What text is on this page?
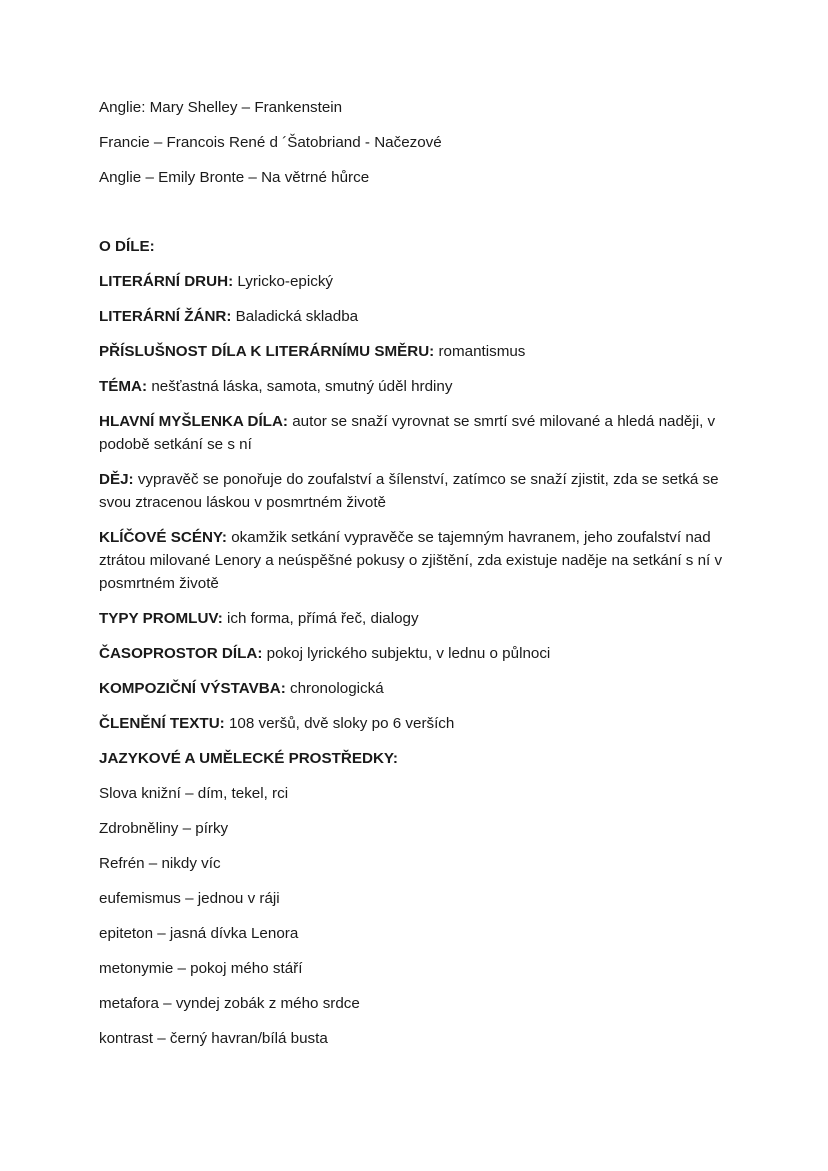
Anglie: Mary Shelley – Frankenstein

Francie – Francois René d ´Šatobriand - Načezové

Anglie – Emily Bronte – Na větrné hůrce

O DÍLE:

LITERÁRNÍ DRUH: Lyricko-epický

LITERÁRNÍ ŽÁNR: Baladická skladba

PŘÍSLUŠNOST DÍLA K LITERÁRNÍMU SMĚRU: romantismus

TÉMA: nešťastná láska, samota, smutný úděl hrdiny

HLAVNÍ MYŠLENKA DÍLA: autor se snaží vyrovnat se smrtí své milované a hledá naději, v podobě setkání se s ní

DĚJ: vypravěč se ponořuje do zoufalství a šílenství, zatímco se snaží zjistit, zda se setká se svou ztracenou láskou v posmrtném životě

KLÍČOVÉ SCÉNY: okamžik setkání vypravěče se tajemným havranem, jeho zoufalství nad ztrátou milované Lenory a neúspěšné pokusy o zjištění, zda existuje naděje na setkání s ní v posmrtném životě

TYPY PROMLUV: ich forma, přímá řeč, dialogy

ČASOPROSTOR DÍLA: pokoj lyrického subjektu, v lednu o půlnoci

KOMPOZIČNÍ VÝSTAVBA: chronologická

ČLENĚNÍ TEXTU: 108 veršů, dvě sloky po 6 verších

JAZYKOVÉ A UMĚLECKÉ PROSTŘEDKY:

Slova knižní – dím, tekel, rci

Zdrobněliny – pírky

Refrén – nikdy víc

eufemismus – jednou v ráji

epiteton – jasná dívka Lenora

metonymie – pokoj mého stáří

metafora – vyndej zobák z mého srdce

kontrast – černý havran/bílá busta
